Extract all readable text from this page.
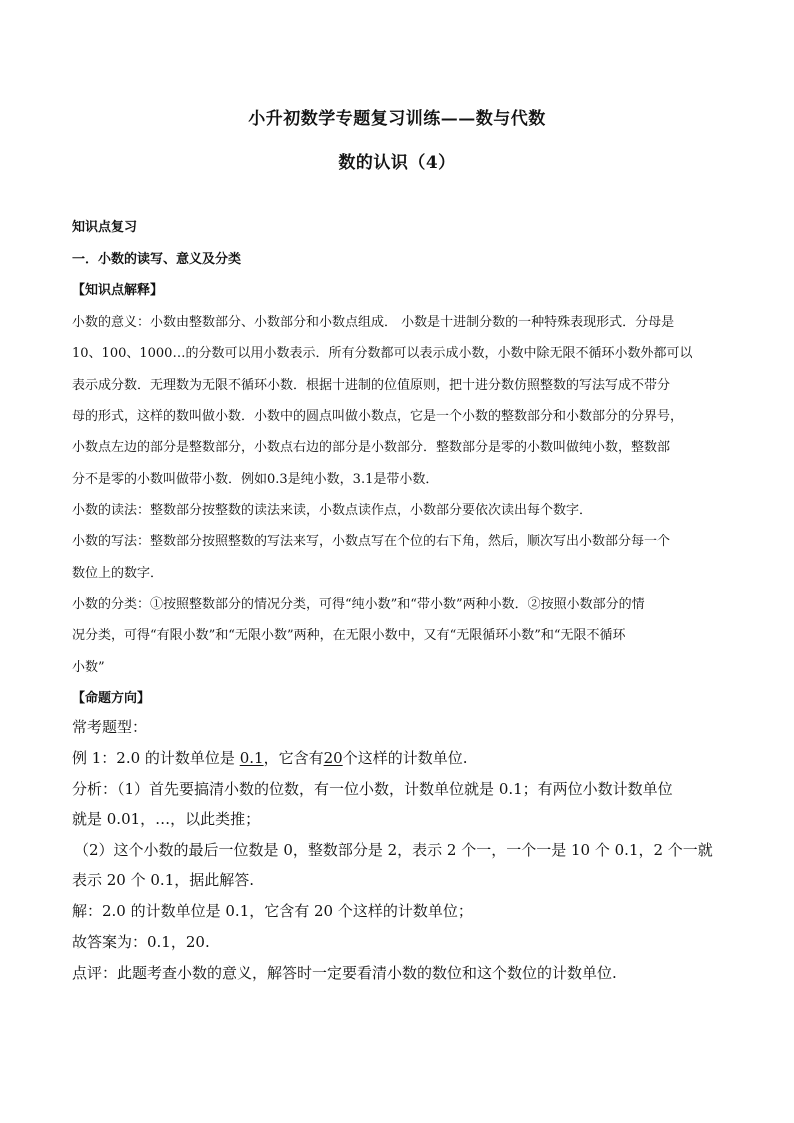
小升初数学专题复习训练——数与代数
数的认识（4）
知识点复习
一．小数的读写、意义及分类
【知识点解释】
小数的意义：小数由整数部分、小数部分和小数点组成． 小数是十进制分数的一种特殊表现形式．分母是
10、100、1000…的分数可以用小数表示．所有分数都可以表示成小数，小数中除无限不循环小数外都可以
表示成分数．无理数为无限不循环小数．根据十进制的位值原则，把十进分数仿照整数的写法写成不带分
母的形式，这样的数叫做小数．小数中的圆点叫做小数点，它是一个小数的整数部分和小数部分的分界号，
小数点左边的部分是整数部分，小数点右边的部分是小数部分．整数部分是零的小数叫做纯小数，整数部
分不是零的小数叫做带小数．例如0.3是纯小数，3.1是带小数．
小数的读法：整数部分按整数的读法来读，小数点读作点，小数部分要依次读出每个数字．
小数的写法：整数部分按照整数的写法来写，小数点写在个位的右下角，然后，顺次写出小数部分每一个
数位上的数字．
小数的分类：①按照整数部分的情况分类，可得“纯小数”和“带小数”两种小数．②按照小数部分的情
况分类，可得“有限小数”和“无限小数”两种，在无限小数中，又有“无限循环小数”和“无限不循环
小数”
【命题方向】
常考题型：
例 1：2.0 的计数单位是 0.1，它含有20个这样的计数单位.
分析：（1）首先要搞清小数的位数，有一位小数，计数单位就是 0.1；有两位小数计数单位
就是 0.01，…，以此类推；
（2）这个小数的最后一位数是 0，整数部分是 2，表示 2 个一，一个一是 10 个 0.1，2 个一就
表示 20 个 0.1，据此解答.
解：2.0 的计数单位是 0.1，它含有 20 个这样的计数单位；
故答案为：0.1，20.
点评：此题考查小数的意义，解答时一定要看清小数的数位和这个数位的计数单位.
